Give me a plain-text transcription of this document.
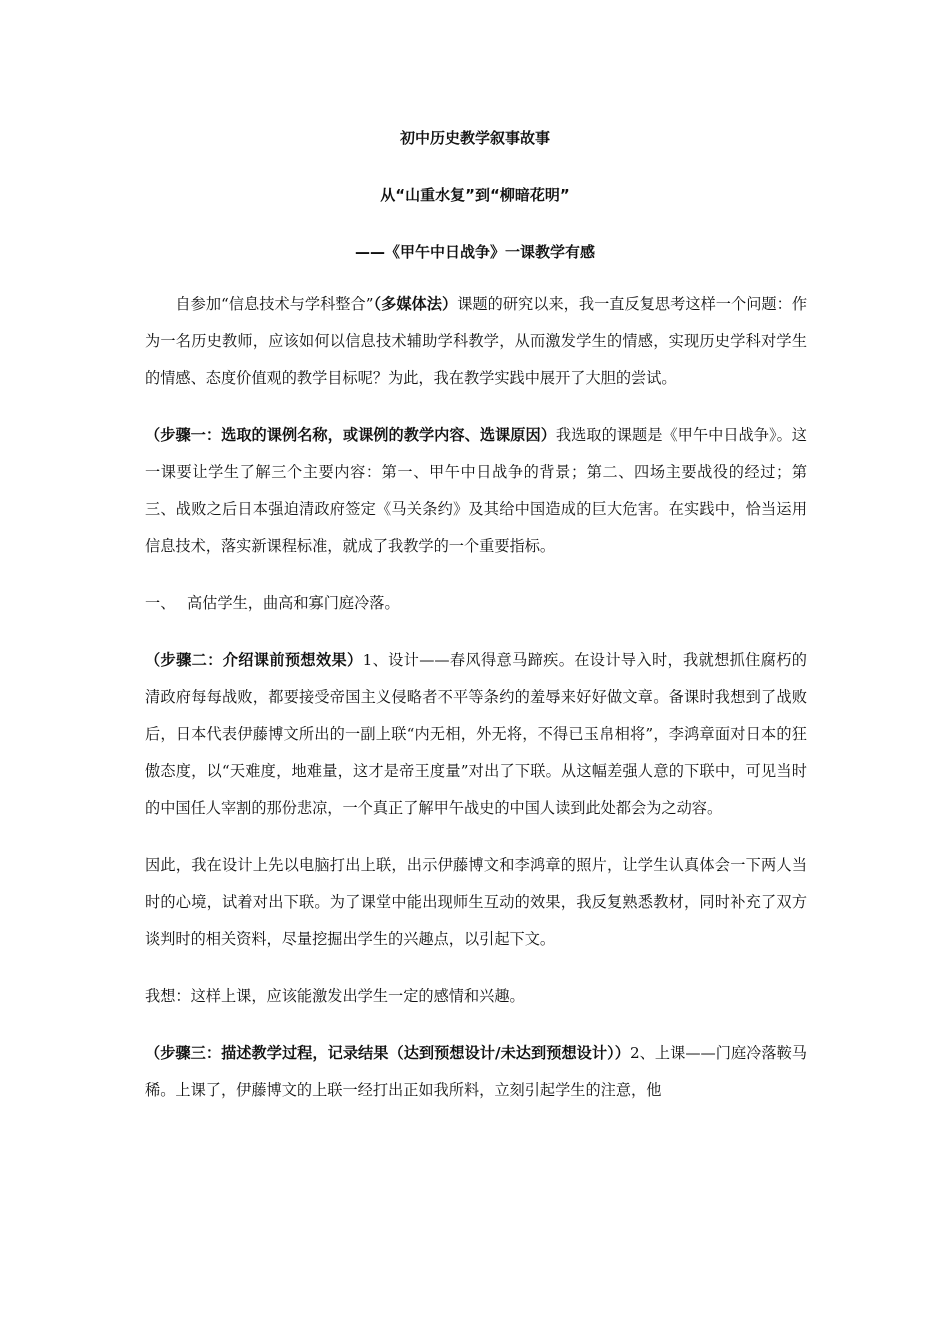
初中历史教学叙事故事
从“山重水复”到“柳暗花明”
——《甲午中日战争》一课教学有感

自参加“信息技术与学科整合”（多媒体法）课题的研究以来，我一直反复思考这样一个问题：作为一名历史教师，应该如何以信息技术辅助学科教学，从而激发学生的情感，实现历史学科对学生的情感、态度价值观的教学目标呢？为此，我在教学实践中展开了大胆的尝试。

（步骤一：选取的课例名称，或课例的教学内容、选课原因）我选取的课题是《甲午中日战争》。这一课要让学生了解三个主要内容：第一、甲午中日战争的背景；第二、四场主要战役的经过；第三、战败之后日本强迫清政府签定《马关条约》及其给中国造成的巨大危害。在实践中，恰当运用信息技术，落实新课程标准，就成了我教学的一个重要指标。

一、 高估学生，曲高和寡门庭冷落。

（步骤二：介绍课前预想效果）1、设计——春风得意马蹄疾。在设计导入时，我就想抓住腐朽的清政府每每战败，都要接受帝国主义侵略者不平等条约的羞辱来好好做文章。备课时我想到了战败后，日本代表伊藤博文所出的一副上联“内无相，外无将，不得已玉帛相将”，李鸿章面对日本的狂傲态度，以“天难度，地难量，这才是帝王度量”对出了下联。从这幅差强人意的下联中，可见当时的中国任人宰割的那份悲凉，一个真正了解甲午战史的中国人读到此处都会为之动容。

因此，我在设计上先以电脑打出上联，出示伊藤博文和李鸿章的照片，让学生认真体会一下两人当时的心境，试着对出下联。为了课堂中能出现师生互动的效果，我反复熟悉教材，同时补充了双方谈判时的相关资料，尽量挖掘出学生的兴趣点，以引起下文。

我想：这样上课，应该能激发出学生一定的感情和兴趣。

（步骤三：描述教学过程，记录结果（达到预想设计/未达到预想设计））2、上课——门庭冷落鞍马稀。上课了，伊藤博文的上联一经打出正如我所料，立刻引起学生的注意，他
